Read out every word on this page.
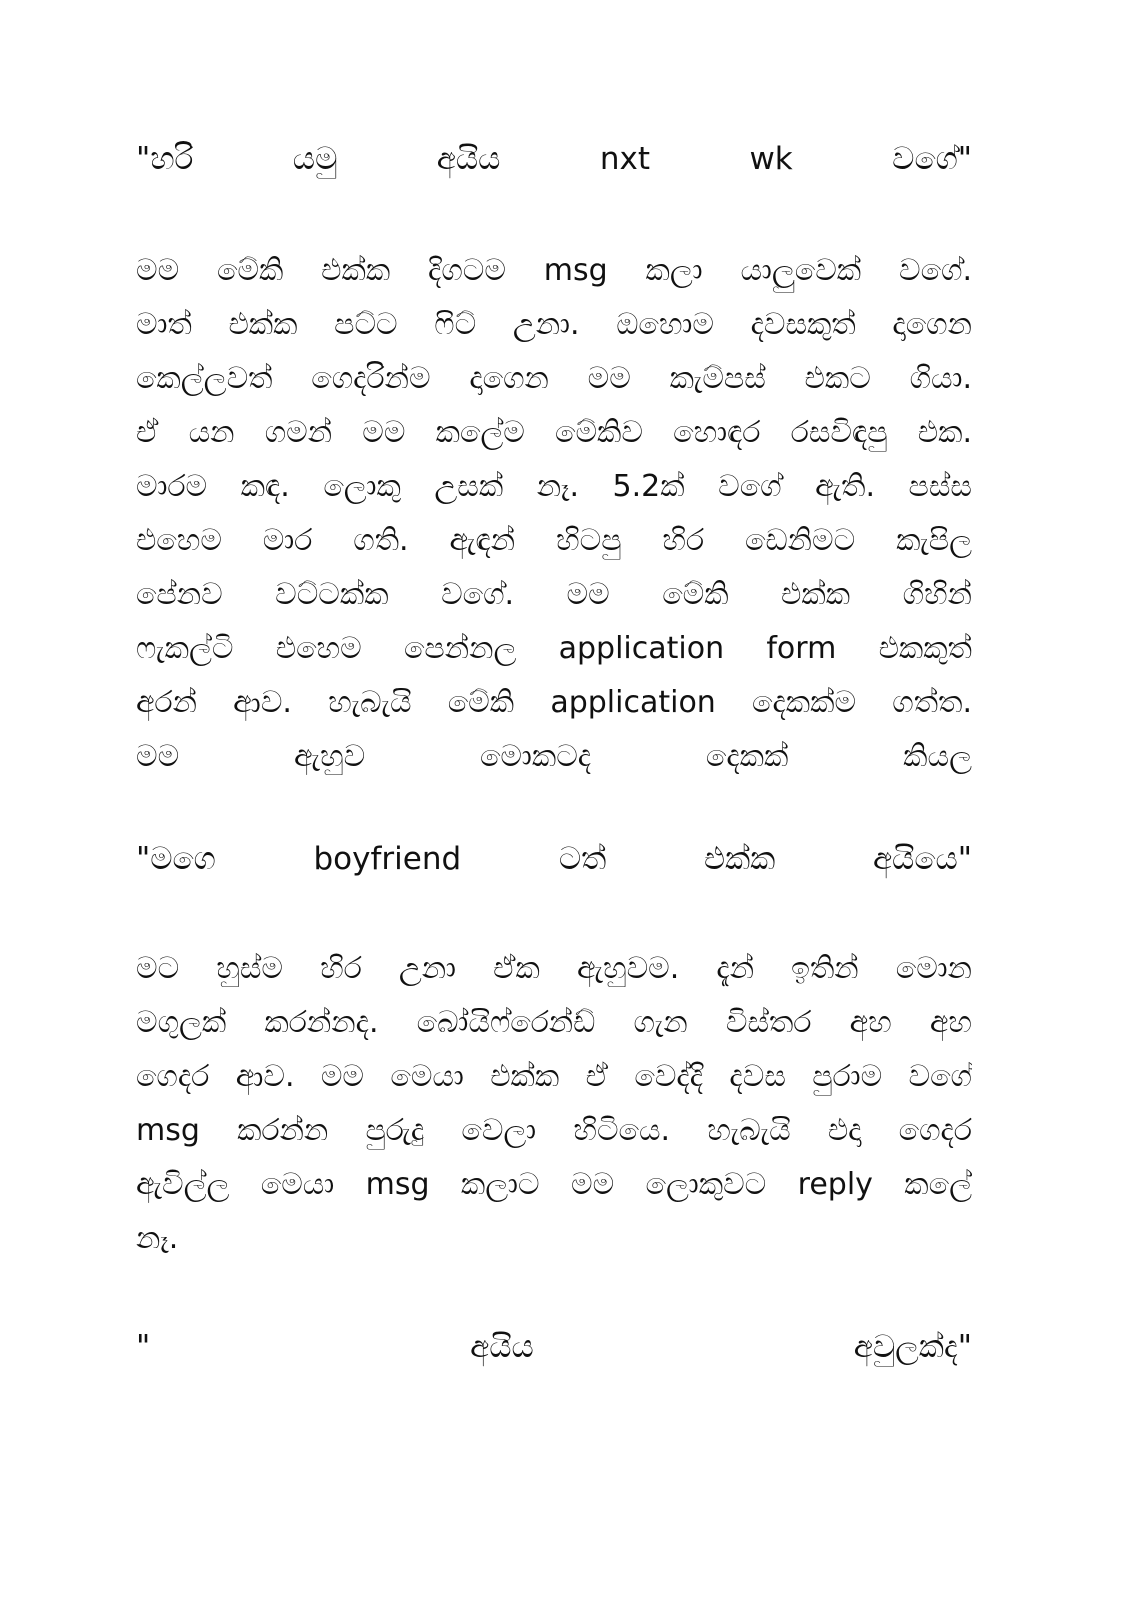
"හරි යමු අයිය nxt wk වගේ"
මම මේකි එක්ක දිගටම msg කලා යාලුවෙක් වගේ.
මාත් එක්ක පට්ට ෆිට් උනා. ඔහොම දවසකුත් දාගෙන
කෙල්ලවත් ගෙදරින්ම දාගෙන මම කැම්පස් එකට ගියා.
ඒ යන ගමන් මම කලේම මේකිව හොඳර රසවිඳපු එක.
මාරම කඳ. ලොකු උසක් නෑ. 5.2ක් වගේ ඇති. පස්ස
එහෙම මාර ගති. ඇඳන් හිටපු හිර ඩෙනිමට කැපිල
පේනව වට්ටක්ක වගේ. මම මේකි එක්ක ගිහින්
ෆැකල්ටි එහෙම පෙන්නල application form එකකුත්
අරන් ආව. හැබැයි මේකි application දෙකක්ම ගත්ත.
මම ඇහුව මොකටද දෙකක් කියල
"මගෙ boyfriend ටත් එක්ක අයියෙ"
මට හුස්ම හිර උනා ඒක ඇහුවම. දැන් ඉතින් මොන
මගුලක් කරන්නද. බෝයිෆ්රෙන්ඩ් ගැන විස්තර අහ අහ
ගෙදර ආව. මම මෙයා එක්ක ඒ වෙද්දි දවස පුරාම වගේ
msg කරන්න පුරුදු වෙලා හිටියෙ. හැබැයි එදා ගෙදර
ඇවිල්ල මෙයා msg කලාට මම ලොකුවට reply කලේ
නෑ.
" අයිය අවුලක්ද"
